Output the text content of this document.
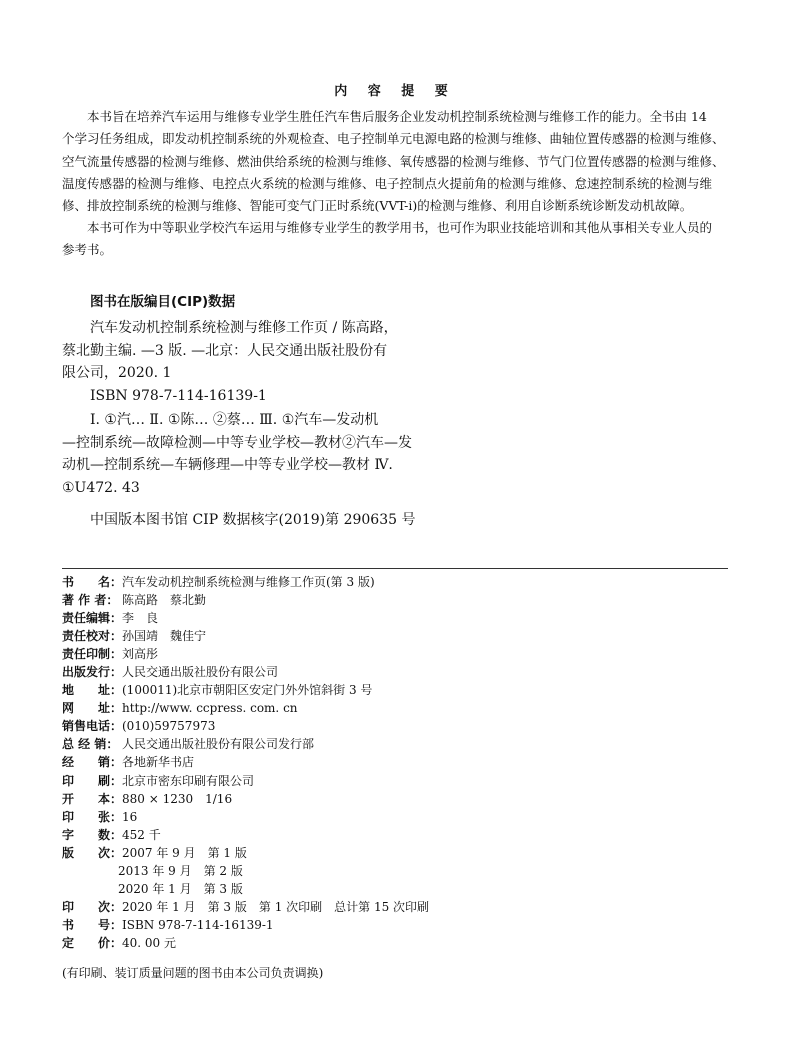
内 容 提 要
本书旨在培养汽车运用与维修专业学生胜任汽车售后服务企业发动机控制系统检测与维修工作的能力。全书由 14
个学习任务组成，即发动机控制系统的外观检查、电子控制单元电源电路的检测与维修、曲轴位置传感器的检测与维修、
空气流量传感器的检测与维修、燃油供给系统的检测与维修、氧传感器的检测与维修、节气门位置传感器的检测与维修、
温度传感器的检测与维修、电控点火系统的检测与维修、电子控制点火提前角的检测与维修、怠速控制系统的检测与维
修、排放控制系统的检测与维修、智能可变气门正时系统(VVT-i)的检测与维修、利用自诊断系统诊断发动机故障。
本书可作为中等职业学校汽车运用与维修专业学生的教学用书，也可作为职业技能培训和其他从事相关专业人员的
参考书。
图书在版编目(CIP)数据
汽车发动机控制系统检测与维修工作页 / 陈高路，
蔡北勤主编. —3 版. —北京：人民交通出版社股份有
限公司，2020. 1
ISBN 978-7-114-16139-1
Ⅰ. ①汽… Ⅱ. ①陈… ②蔡… Ⅲ. ①汽车—发动机
—控制系统—故障检测—中等专业学校—教材②汽车—发
动机—控制系统—车辆修理—中等专业学校—教材 Ⅳ.
①U472. 43
中国版本图书馆 CIP 数据核字(2019)第 290635 号
书　　名： 汽车发动机控制系统检测与维修工作页(第 3 版)
著 作 者： 陈高路　蔡北勤
责任编辑： 李　良
责任校对： 孙国靖　魏佳宁
责任印制： 刘高彤
出版发行： 人民交通出版社股份有限公司
地　　址： (100011)北京市朝阳区安定门外外馆斜街 3 号
网　　址： http://www. ccpress. com. cn
销售电话： (010)59757973
总 经 销： 人民交通出版社股份有限公司发行部
经　　销： 各地新华书店
印　　刷： 北京市密东印刷有限公司
开　　本： 880 × 1230　1/16
印　　张： 16
字　　数： 452 千
版　　次： 2007 年 9 月　第 1 版
2013 年 9 月　第 2 版
2020 年 1 月　第 3 版
印　　次： 2020 年 1 月　第 3 版　第 1 次印刷　总计第 15 次印刷
书　　号： ISBN 978-7-114-16139-1
定　　价： 40. 00 元
(有印刷、装订质量问题的图书由本公司负责调换)
